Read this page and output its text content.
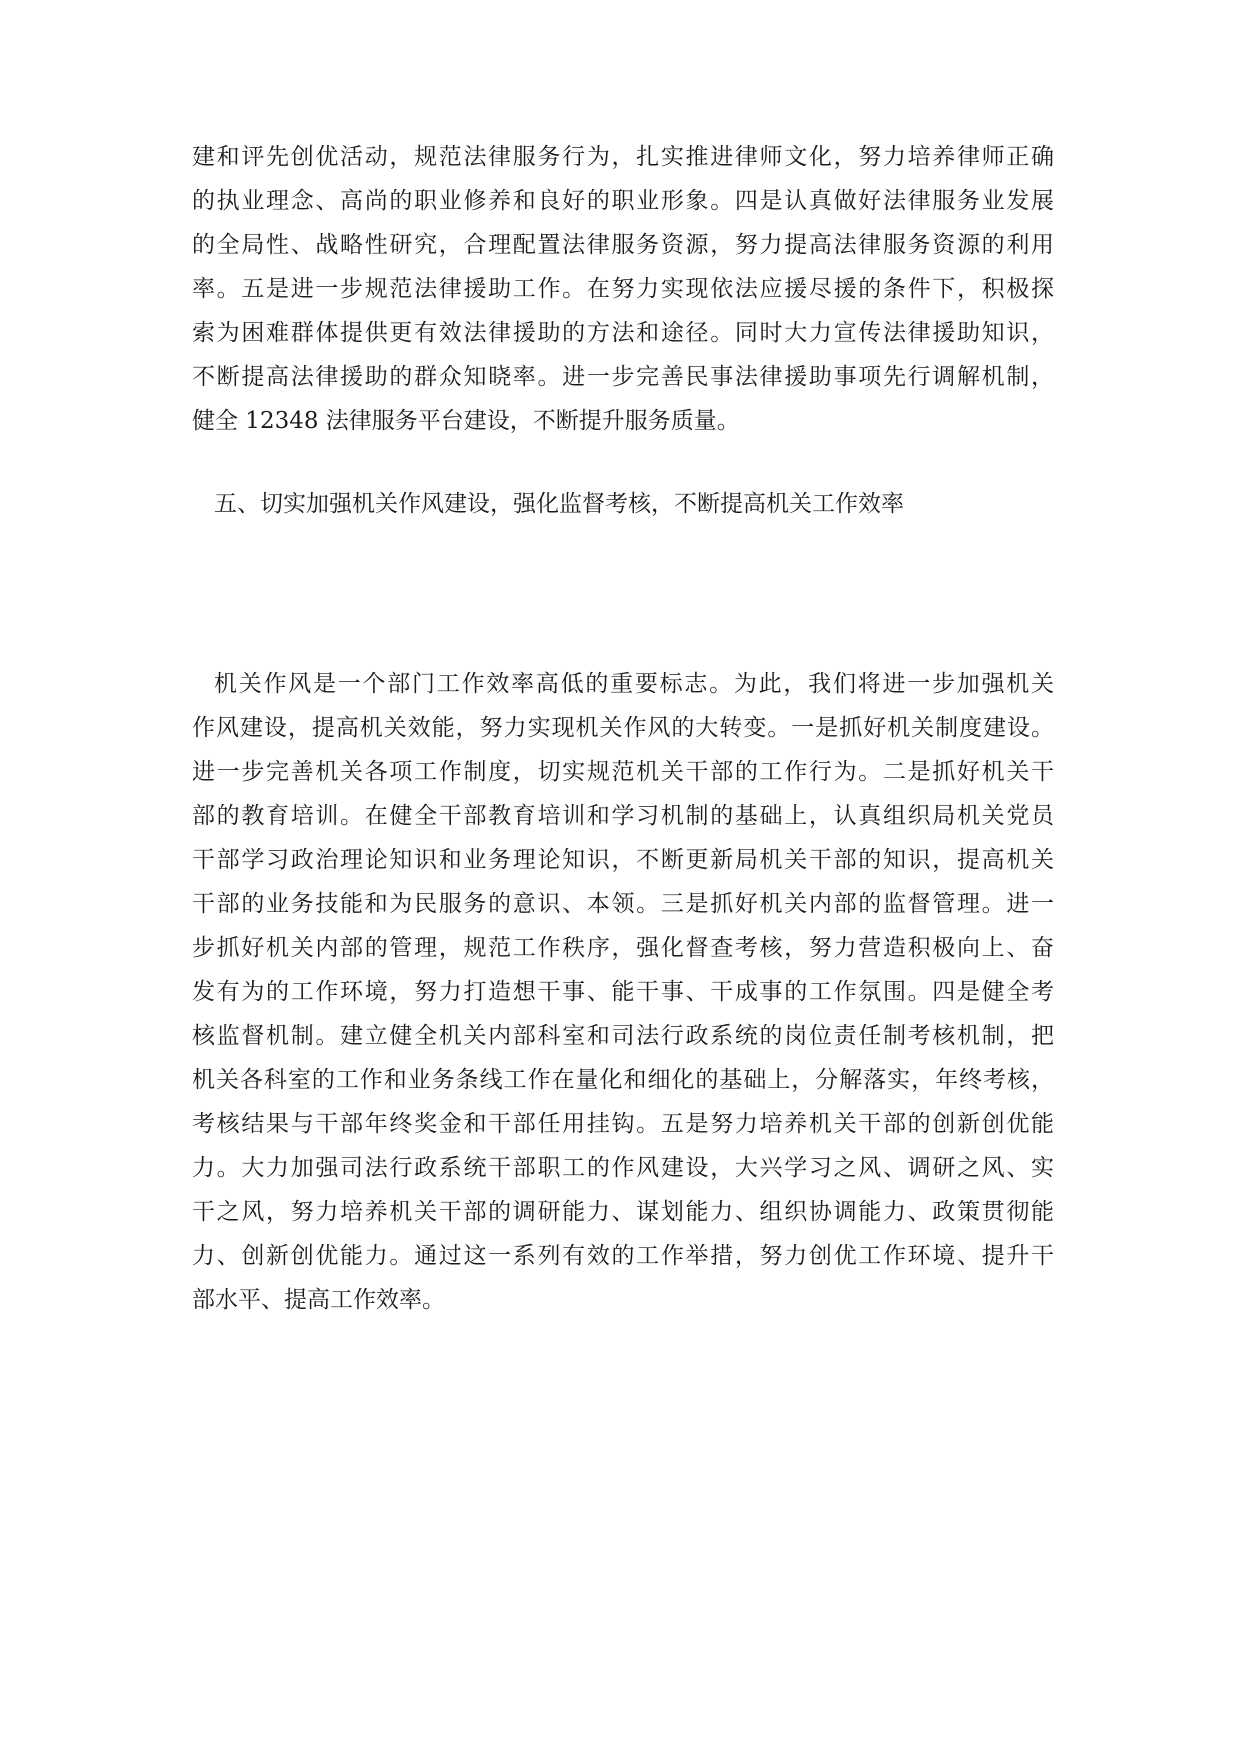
建和评先创优活动，规范法律服务行为，扎实推进律师文化，努力培养律师正确
的执业理念、高尚的职业修养和良好的职业形象。四是认真做好法律服务业发展
的全局性、战略性研究，合理配置法律服务资源，努力提高法律服务资源的利用
率。五是进一步规范法律援助工作。在努力实现依法应援尽援的条件下，积极探
索为困难群体提供更有效法律援助的方法和途径。同时大力宣传法律援助知识，
不断提高法律援助的群众知晓率。进一步完善民事法律援助事项先行调解机制，
健全 12348 法律服务平台建设，不断提升服务质量。
五、切实加强机关作风建设，强化监督考核，不断提高机关工作效率
机关作风是一个部门工作效率高低的重要标志。为此，我们将进一步加强机关
作风建设，提高机关效能，努力实现机关作风的大转变。一是抓好机关制度建设。
进一步完善机关各项工作制度，切实规范机关干部的工作行为。二是抓好机关干
部的教育培训。在健全干部教育培训和学习机制的基础上，认真组织局机关党员
干部学习政治理论知识和业务理论知识，不断更新局机关干部的知识，提高机关
干部的业务技能和为民服务的意识、本领。三是抓好机关内部的监督管理。进一
步抓好机关内部的管理，规范工作秩序，强化督查考核，努力营造积极向上、奋
发有为的工作环境，努力打造想干事、能干事、干成事的工作氛围。四是健全考
核监督机制。建立健全机关内部科室和司法行政系统的岗位责任制考核机制，把
机关各科室的工作和业务条线工作在量化和细化的基础上，分解落实，年终考核，
考核结果与干部年终奖金和干部任用挂钩。五是努力培养机关干部的创新创优能
力。大力加强司法行政系统干部职工的作风建设，大兴学习之风、调研之风、实
干之风，努力培养机关干部的调研能力、谋划能力、组织协调能力、政策贯彻能
力、创新创优能力。通过这一系列有效的工作举措，努力创优工作环境、提升干
部水平、提高工作效率。
